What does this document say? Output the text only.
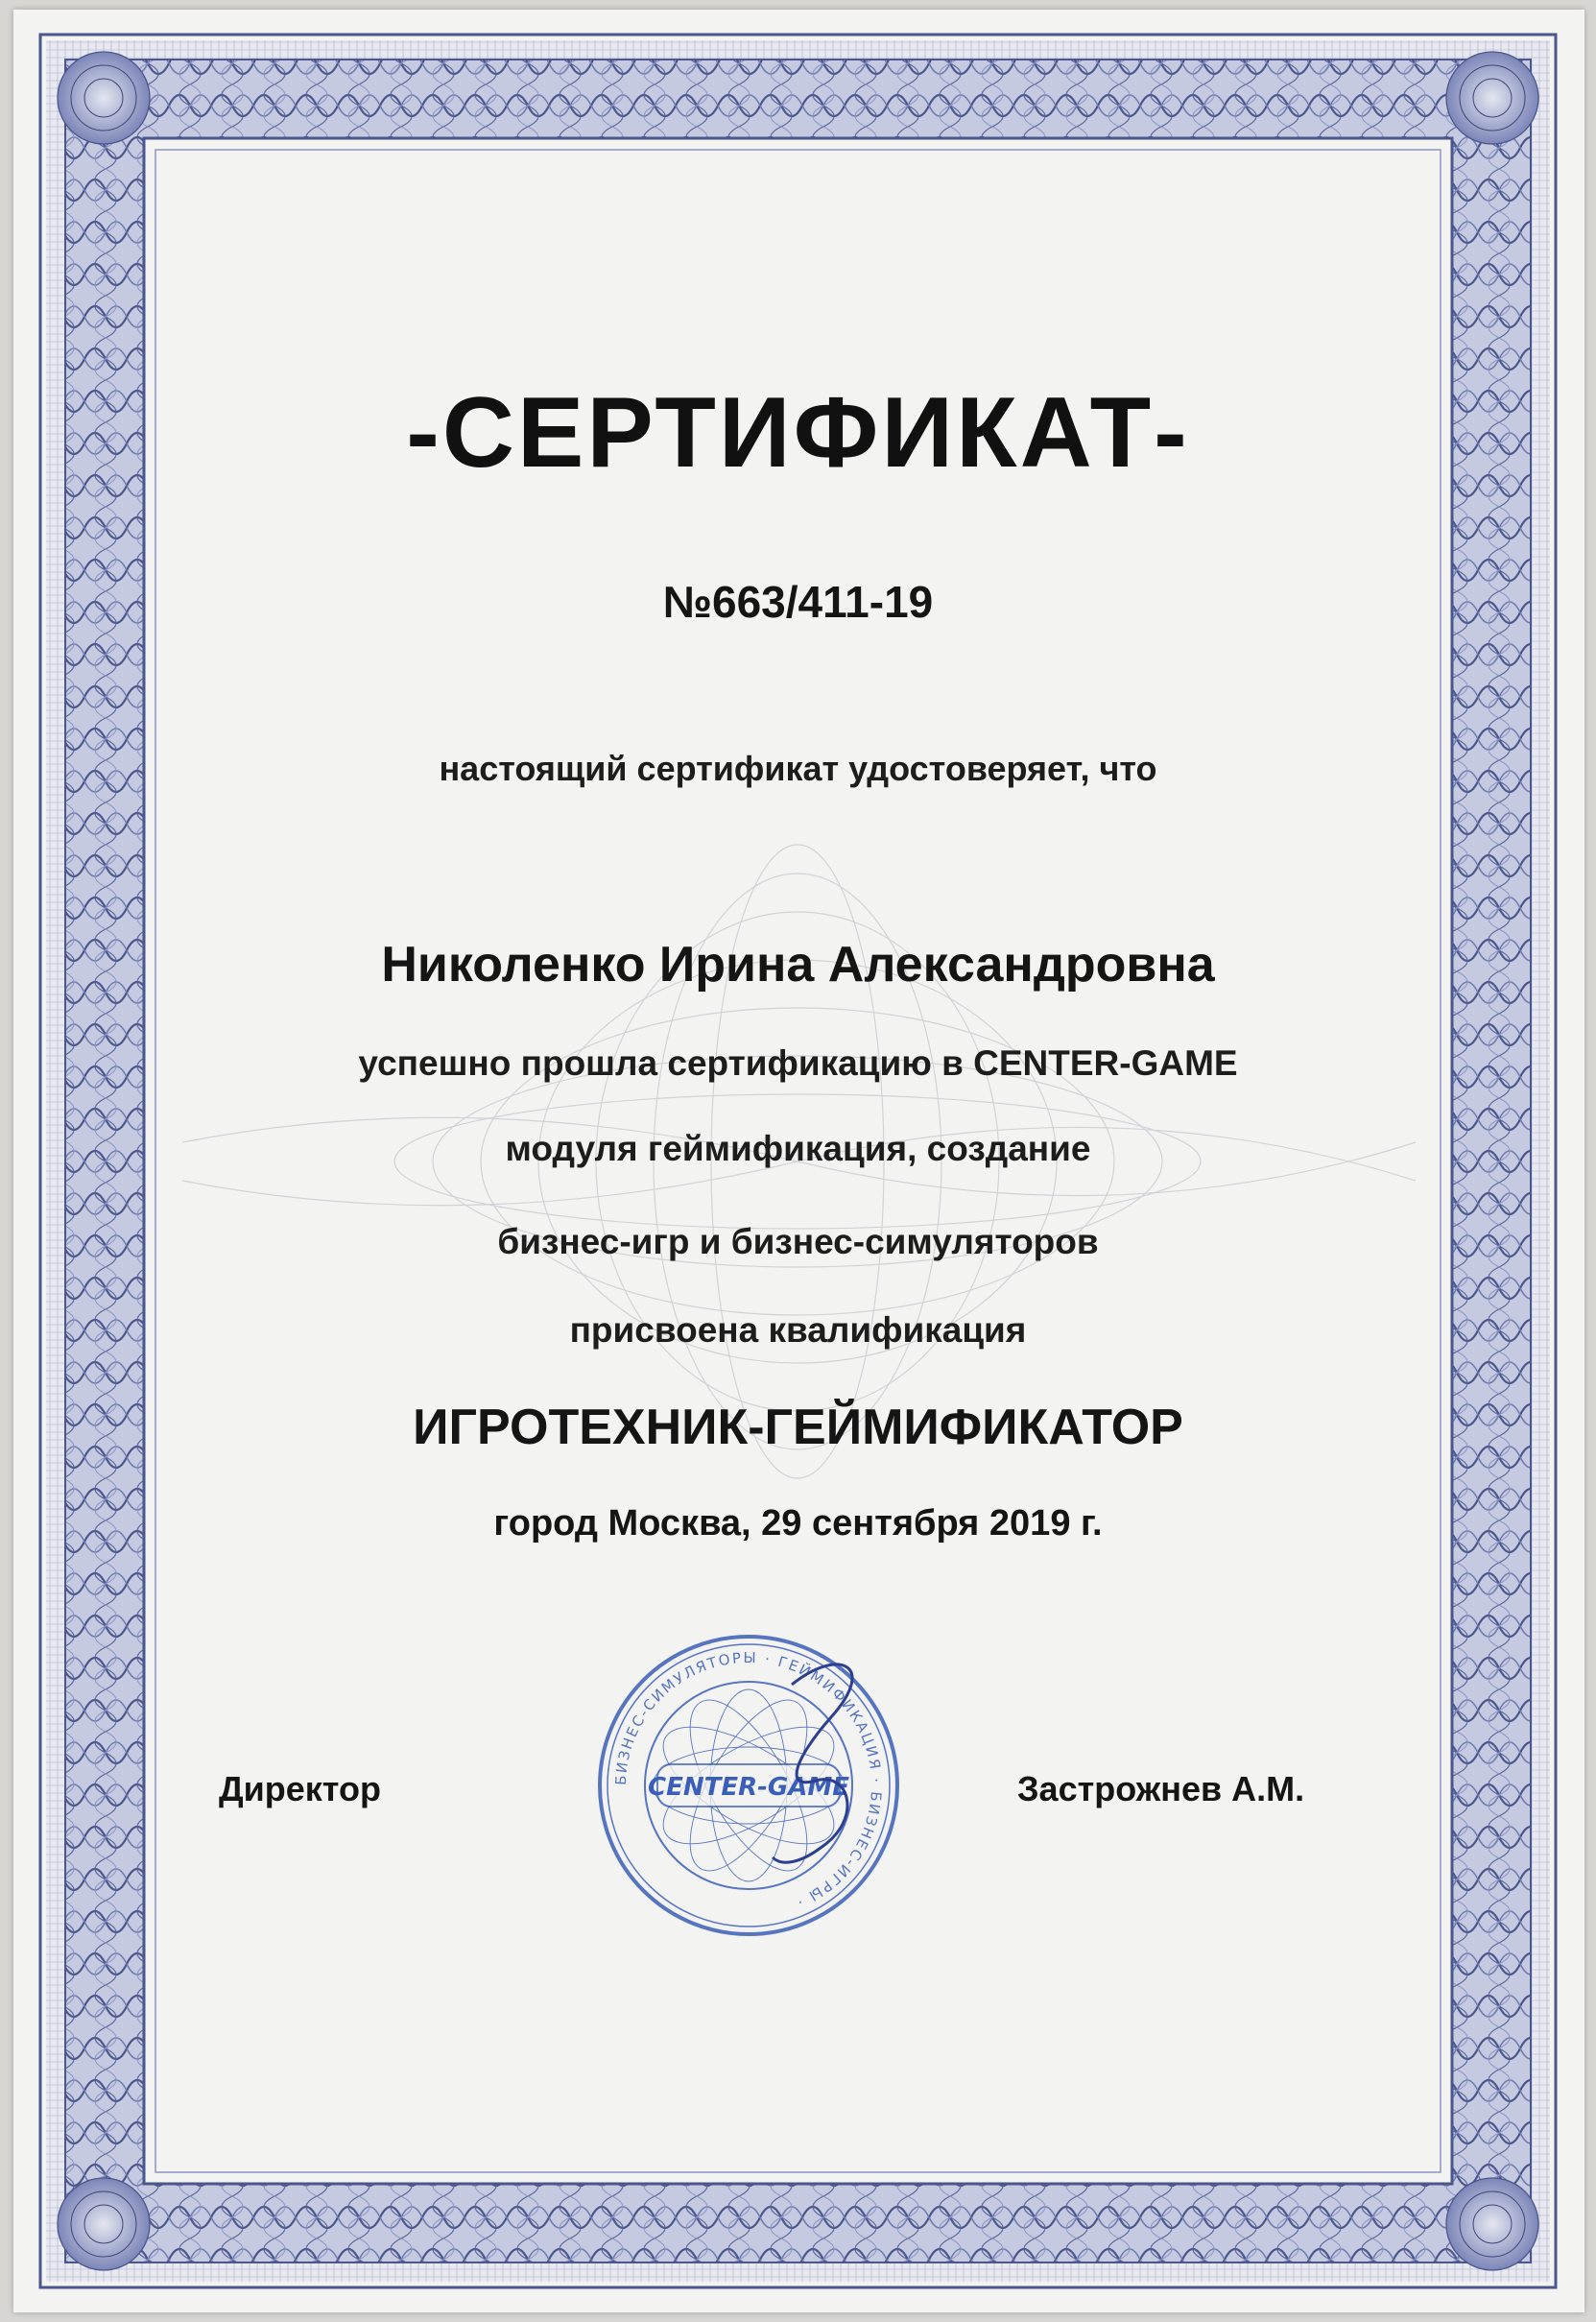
БИЗНЕС-СИМУЛЯТОРЫ · ГЕЙМИФИКАЦИЯ · БИЗНЕС-ИГРЫ ·
CENTER-GAME
-СЕРТИФИКАТ-
№663/411-19
настоящий сертификат удостоверяет, что
Николенко Ирина Александровна
успешно прошла сертификацию в CENTER-GAME
модуля геймификация, создание
бизнес-игр и бизнес-симуляторов
присвоена квалификация
ИГРОТЕХНИК-ГЕЙМИФИКАТОР
город Москва, 29 сентября 2019 г.
Директор	Застрожнев А.М.
